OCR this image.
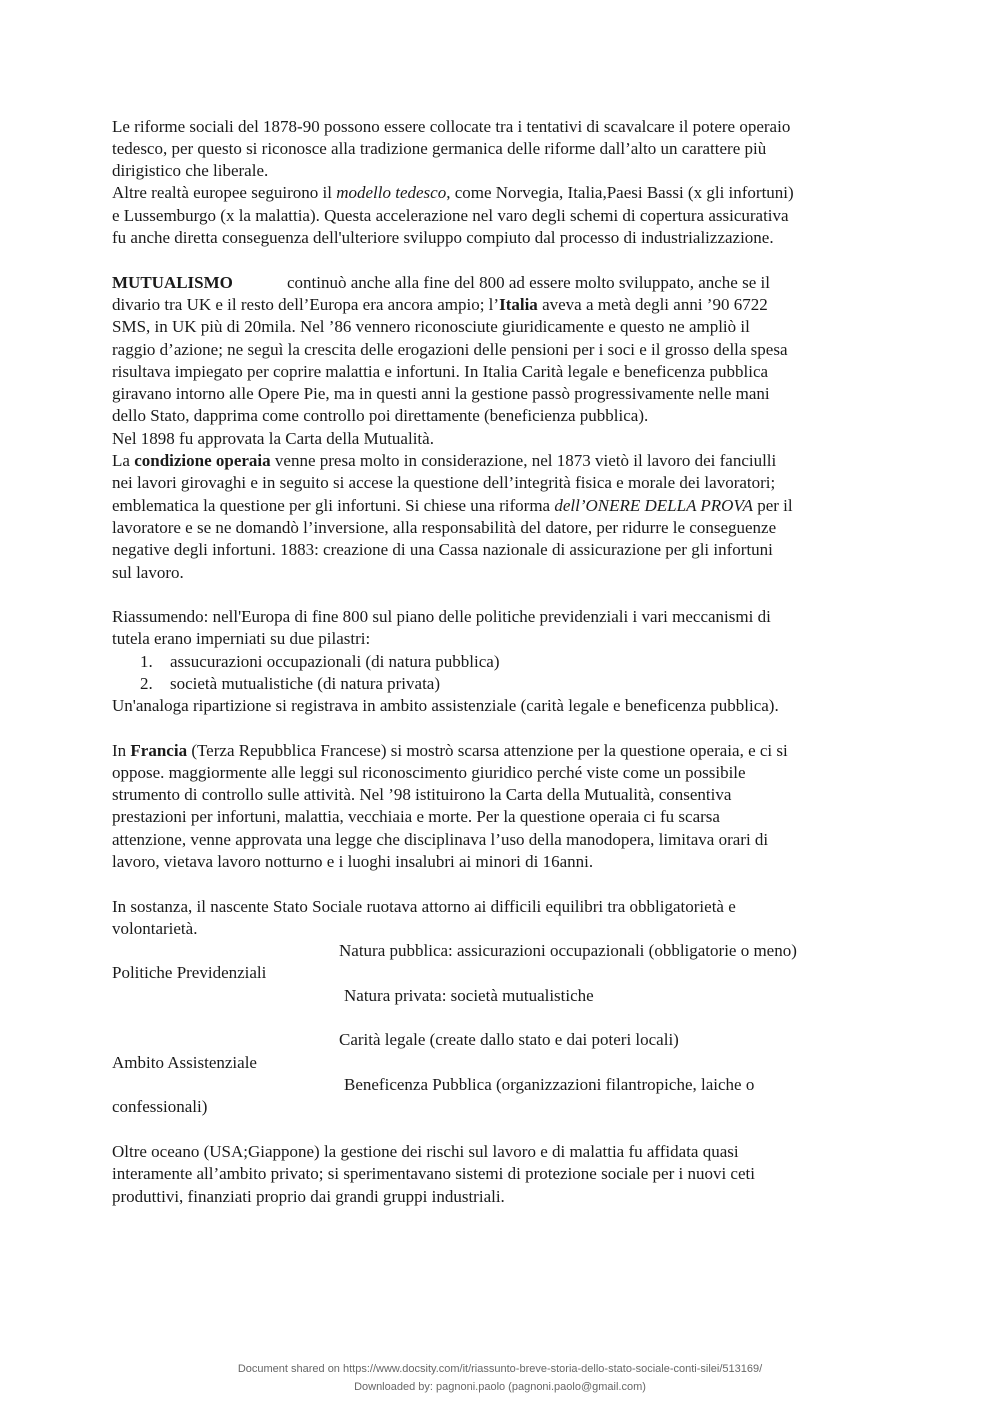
Le riforme sociali del 1878-90 possono essere collocate tra i tentativi di scavalcare il potere operaio

tedesco, per questo si riconosce alla tradizione germanica delle riforme dall’alto un carattere più

dirigistico che liberale.

Altre realtà europee seguirono il modello tedesco, come Norvegia, Italia,Paesi Bassi (x gli infortuni)

e Lussemburgo (x la malattia). Questa accelerazione nel varo degli schemi di copertura assicurativa

fu anche diretta conseguenza dell'ulteriore sviluppo compiuto dal processo di industrializzazione.

MUTUALISMO	continuò anche alla fine del 800 ad essere molto sviluppato, anche se il

divario tra UK e il resto dell’Europa era ancora ampio; l’Italia aveva a metà degli anni ’90 6722

SMS, in UK più di 20mila. Nel ’86 vennero riconosciute giuridicamente e questo ne ampliò il

raggio d’azione; ne seguì la crescita delle erogazioni delle pensioni per i soci e il grosso della spesa

risultava impiegato per coprire malattia e infortuni. In Italia Carità legale e beneficenza pubblica

giravano intorno alle Opere Pie, ma in questi anni la gestione passò progressivamente nelle mani

dello Stato, dapprima come controllo poi direttamente (beneficienza pubblica).

Nel 1898 fu approvata la Carta della Mutualità.

La condizione operaia venne presa molto in considerazione, nel 1873 vietò il lavoro dei fanciulli

nei lavori girovaghi e in seguito si accese la questione dell’integrità fisica e morale dei lavoratori;

emblematica la questione per gli infortuni. Si chiese una riforma dell’ONERE DELLA PROVA per il

lavoratore e se ne domandò l’inversione, alla responsabilità del datore, per ridurre le conseguenze

negative degli infortuni. 1883: creazione di una Cassa nazionale di assicurazione per gli infortuni

sul lavoro.

Riassumendo: nell'Europa di fine 800 sul piano delle politiche previdenziali i vari meccanismi di

tutela erano imperniati su due pilastri:

1. assucurazioni occupazionali (di natura pubblica)

2. società mutualistiche (di natura privata)

Un'analoga ripartizione si registrava in ambito assistenziale (carità legale e beneficenza pubblica).

In Francia (Terza Repubblica Francese) si mostrò scarsa attenzione per la questione operaia, e ci si

oppose. maggiormente alle leggi sul riconoscimento giuridico perché viste come un possibile

strumento di controllo sulle attività. Nel ’98 istituirono la Carta della Mutualità, consentiva

prestazioni per infortuni, malattia, vecchiaia e morte. Per la questione operaia ci fu scarsa

attenzione, venne approvata una legge che disciplinava l’uso della manodopera, limitava orari di

lavoro, vietava lavoro notturno e i luoghi insalubri ai minori di 16anni.

In sostanza, il nascente Stato Sociale ruotava attorno ai difficili equilibri tra obbligatorietà e

volontarietà.

Natura pubblica: assicurazioni occupazionali (obbligatorie o meno)

Politiche Previdenziali

Natura privata: società mutualistiche

Carità legale (create dallo stato e dai poteri locali)

Ambito Assistenziale

Beneficenza Pubblica (organizzazioni filantropiche, laiche o

confessionali)

Oltre oceano (USA;Giappone) la gestione dei rischi sul lavoro e di malattia fu affidata quasi

interamente all’ambito privato; si sperimentavano sistemi di protezione sociale per i nuovi ceti

produttivi, finanziati proprio dai grandi gruppi industriali.

Document shared on https://www.docsity.com/it/riassunto-breve-storia-dello-stato-sociale-conti-silei/513169/

Downloaded by: pagnoni.paolo (pagnoni.paolo@gmail.com)
